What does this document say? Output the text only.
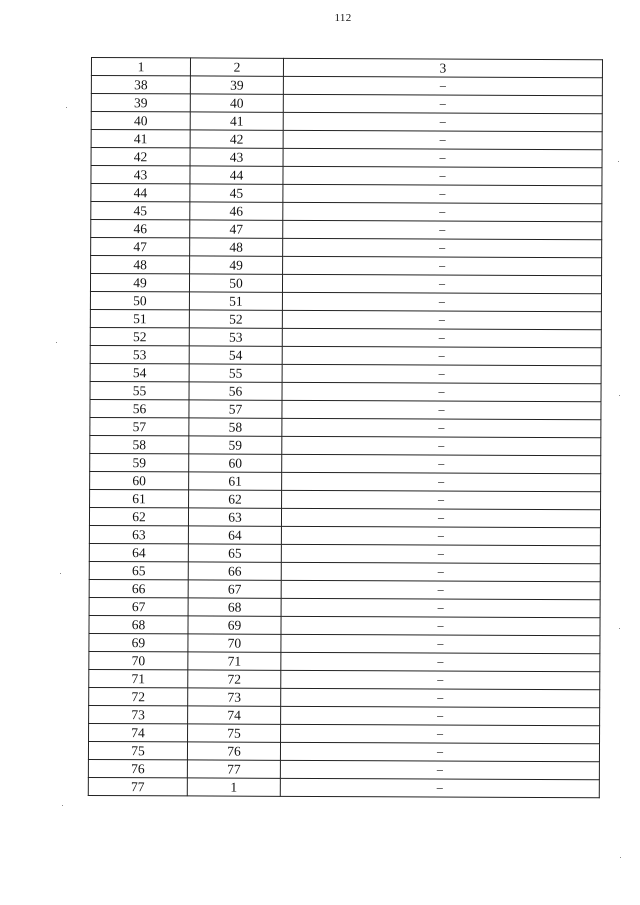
112
1	2	3
38	39	–
39	40	–
40	41	–
41	42	–
42	43	–
43	44	–
44	45	–
45	46	–
46	47	–
47	48	–
48	49	–
49	50	–
50	51	–
51	52	–
52	53	–
53	54	–
54	55	–
55	56	–
56	57	–
57	58	–
58	59	–
59	60	–
60	61	–
61	62	–
62	63	–
63	64	–
64	65	–
65	66	–
66	67	–
67	68	–
68	69	–
69	70	–
70	71	–
71	72	–
72	73	–
73	74	–
74	75	–
75	76	–
76	77	–
77	1	–
